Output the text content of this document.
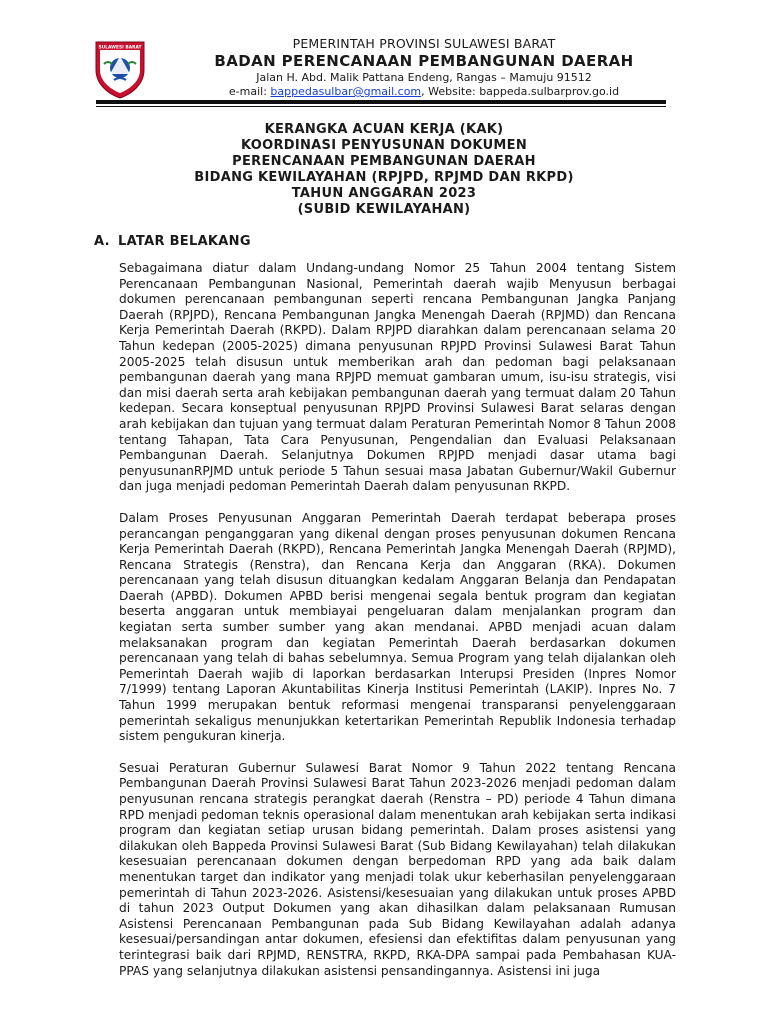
SULAWESI BARAT	PEMERINTAH PROVINSI SULAWESI BARAT
BADAN PERENCANAAN PEMBANGUNAN DAERAH
Jalan H. Abd. Malik Pattana Endeng, Rangas – Mamuju 91512
e-mail: bappedasulbar@gmail.com, Website: bappeda.sulbarprov.go.id
KERANGKA ACUAN KERJA (KAK)
KOORDINASI PENYUSUNAN DOKUMEN
PERENCANAAN PEMBANGUNAN DAERAH
BIDANG KEWILAYAHAN (RPJPD, RPJMD DAN RKPD)
TAHUN ANGGARAN 2023
(SUBID KEWILAYAHAN)
A. LATAR BELAKANG

Sebagaimana diatur dalam Undang-undang Nomor 25 Tahun 2004 tentang Sistem Perencanaan Pembangunan Nasional, Pemerintah daerah wajib Menyusun berbagai dokumen perencanaan pembangunan seperti rencana Pembangunan Jangka Panjang Daerah (RPJPD), Rencana Pembangunan Jangka Menengah Daerah (RPJMD) dan Rencana Kerja Pemerintah Daerah (RKPD). Dalam RPJPD diarahkan dalam perencanaan selama 20 Tahun kedepan (2005-2025) dimana penyusunan RPJPD Provinsi Sulawesi Barat Tahun 2005-2025 telah disusun untuk memberikan arah dan pedoman bagi pelaksanaan pembangunan daerah yang mana RPJPD memuat gambaran umum, isu-isu strategis, visi dan misi daerah serta arah kebijakan pembangunan daerah yang termuat dalam 20 Tahun kedepan. Secara konseptual penyusunan RPJPD Provinsi Sulawesi Barat selaras dengan arah kebijakan dan tujuan yang termuat dalam Peraturan Pemerintah Nomor 8 Tahun 2008 tentang Tahapan, Tata Cara Penyusunan, Pengendalian dan Evaluasi Pelaksanaan Pembangunan Daerah. Selanjutnya Dokumen RPJPD menjadi dasar utama bagi penyusunanRPJMD untuk periode 5 Tahun sesuai masa Jabatan Gubernur/Wakil Gubernur dan juga menjadi pedoman Pemerintah Daerah dalam penyusunan RKPD.

Dalam Proses Penyusunan Anggaran Pemerintah Daerah terdapat beberapa proses perancangan penganggaran yang dikenal dengan proses penyusunan dokumen Rencana Kerja Pemerintah Daerah (RKPD), Rencana Pemerintah Jangka Menengah Daerah (RPJMD), Rencana Strategis (Renstra), dan Rencana Kerja dan Anggaran (RKA). Dokumen perencanaan yang telah disusun dituangkan kedalam Anggaran Belanja dan Pendapatan Daerah (APBD). Dokumen APBD berisi mengenai segala bentuk program dan kegiatan beserta anggaran untuk membiayai pengeluaran dalam menjalankan program dan kegiatan serta sumber sumber yang akan mendanai. APBD menjadi acuan dalam melaksanakan program dan kegiatan Pemerintah Daerah berdasarkan dokumen perencanaan yang telah di bahas sebelumnya. Semua Program yang telah dijalankan oleh Pemerintah Daerah wajib di laporkan berdasarkan Interupsi Presiden (Inpres Nomor 7/1999) tentang Laporan Akuntabilitas Kinerja Institusi Pemerintah (LAKIP). Inpres No. 7 Tahun 1999 merupakan bentuk reformasi mengenai transparansi penyelenggaraan pemerintah sekaligus menunjukkan ketertarikan Pemerintah Republik Indonesia terhadap sistem pengukuran kinerja.

Sesuai Peraturan Gubernur Sulawesi Barat Nomor 9 Tahun 2022 tentang Rencana Pembangunan Daerah Provinsi Sulawesi Barat Tahun 2023-2026 menjadi pedoman dalam penyusunan rencana strategis perangkat daerah (Renstra – PD) periode 4 Tahun dimana RPD menjadi pedoman teknis operasional dalam menentukan arah kebijakan serta indikasi program dan kegiatan setiap urusan bidang pemerintah. Dalam proses asistensi yang dilakukan oleh Bappeda Provinsi Sulawesi Barat (Sub Bidang Kewilayahan) telah dilakukan kesesuaian perencanaan dokumen dengan berpedoman RPD yang ada baik dalam menentukan target dan indikator yang menjadi tolak ukur keberhasilan penyelenggaraan pemerintah di Tahun 2023-2026. Asistensi/kesesuaian yang dilakukan untuk proses APBD di tahun 2023 Output Dokumen yang akan dihasilkan dalam pelaksanaan Rumusan Asistensi Perencanaan Pembangunan pada Sub Bidang Kewilayahan adalah adanya kesesuai/persandingan antar dokumen, efesiensi dan efektifitas dalam penyusunan yang terintegrasi baik dari RPJMD, RENSTRA, RKPD, RKA-DPA sampai pada Pembahasan KUA-PPAS yang selanjutnya dilakukan asistensi pensandingannya. Asistensi ini juga
